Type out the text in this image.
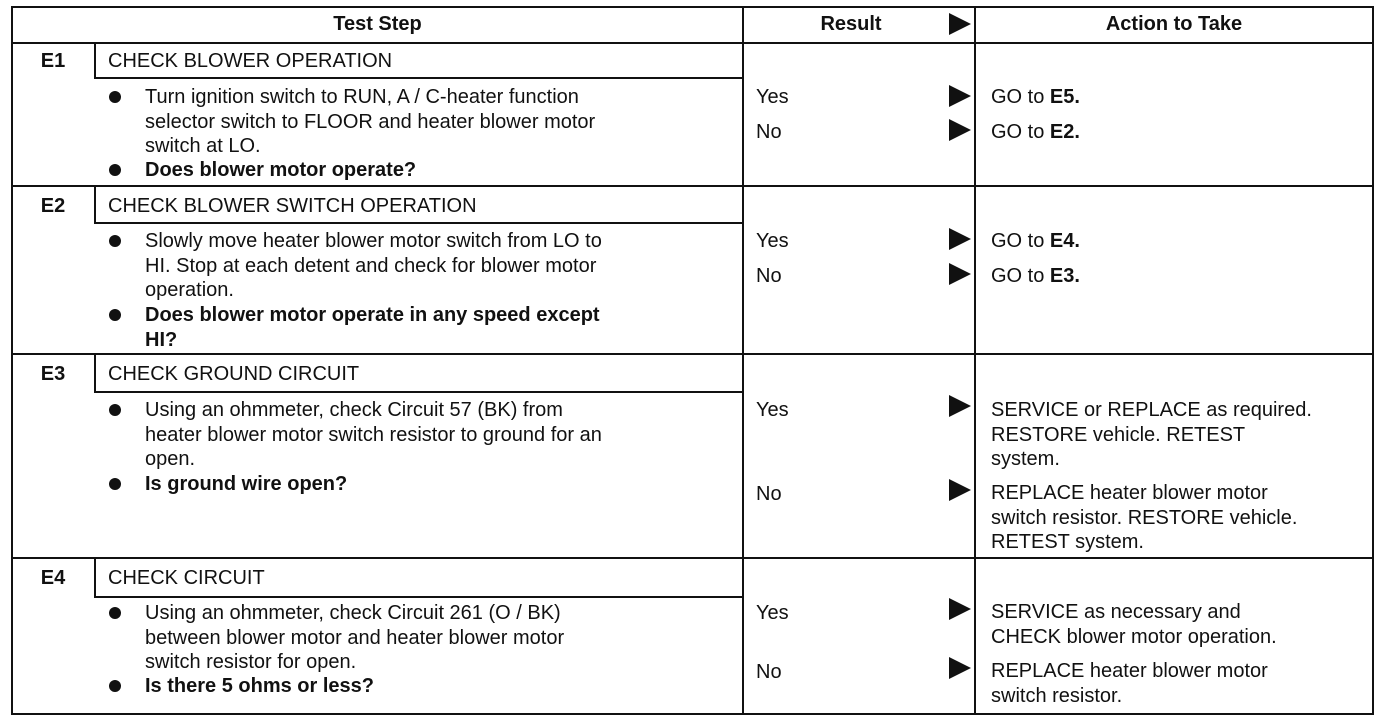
Test Step	Result	Action to Take
E1	CHECK BLOWER OPERATION
Turn ignition switch to RUN, A / C-heater function
selector switch to FLOOR and heater blower motor
switch at LO.
Does blower motor operate?
Yes	GO to E5.
No	GO to E2.
E2	CHECK BLOWER SWITCH OPERATION
Slowly move heater blower motor switch from LO to
HI. Stop at each detent and check for blower motor
operation.
Does blower motor operate in any speed except
HI?
Yes	GO to E4.
No	GO to E3.
E3	CHECK GROUND CIRCUIT
Using an ohmmeter, check Circuit 57 (BK) from
heater blower motor switch resistor to ground for an
open.
Is ground wire open?
Yes	SERVICE or REPLACE as required.
RESTORE vehicle. RETEST
system.
No	REPLACE heater blower motor
switch resistor. RESTORE vehicle.
RETEST system.
E4	CHECK CIRCUIT
Using an ohmmeter, check Circuit 261 (O / BK)
between blower motor and heater blower motor
switch resistor for open.
Is there 5 ohms or less?
Yes	SERVICE as necessary and
CHECK blower motor operation.
No	REPLACE heater blower motor
switch resistor.
